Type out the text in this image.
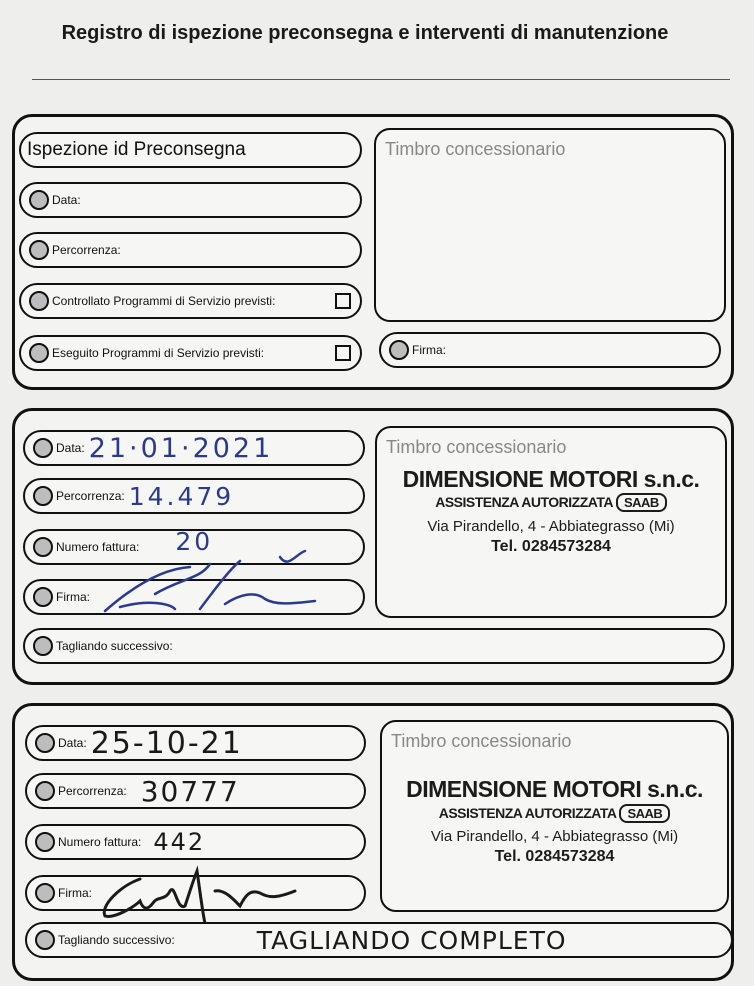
Registro di ispezione preconsegna e interventi di manutenzione
Ispezione id Preconsegna
Data:
Percorrenza:
Controllato Programmi di Servizio previsti:
Eseguito Programmi di Servizio previsti:
Timbro concessionario
Firma:
Data: 21·01·2021
Percorrenza: 14.479
Numero fattura: 20
Firma:
Tagliando successivo:
Timbro concessionario
DIMENSIONE MOTORI s.n.c.
ASSISTENZA AUTORIZZATA SAAB
Via Pirandello, 4 - Abbiategrasso (Mi)
Tel. 0284573284
Data: 25-10-21
Percorrenza: 30777
Numero fattura: 442
Firma:
Tagliando successivo:	TAGLIANDO COMPLETO
Timbro concessionario
DIMENSIONE MOTORI s.n.c.
ASSISTENZA AUTORIZZATA SAAB
Via Pirandello, 4 - Abbiategrasso (Mi)
Tel. 0284573284
